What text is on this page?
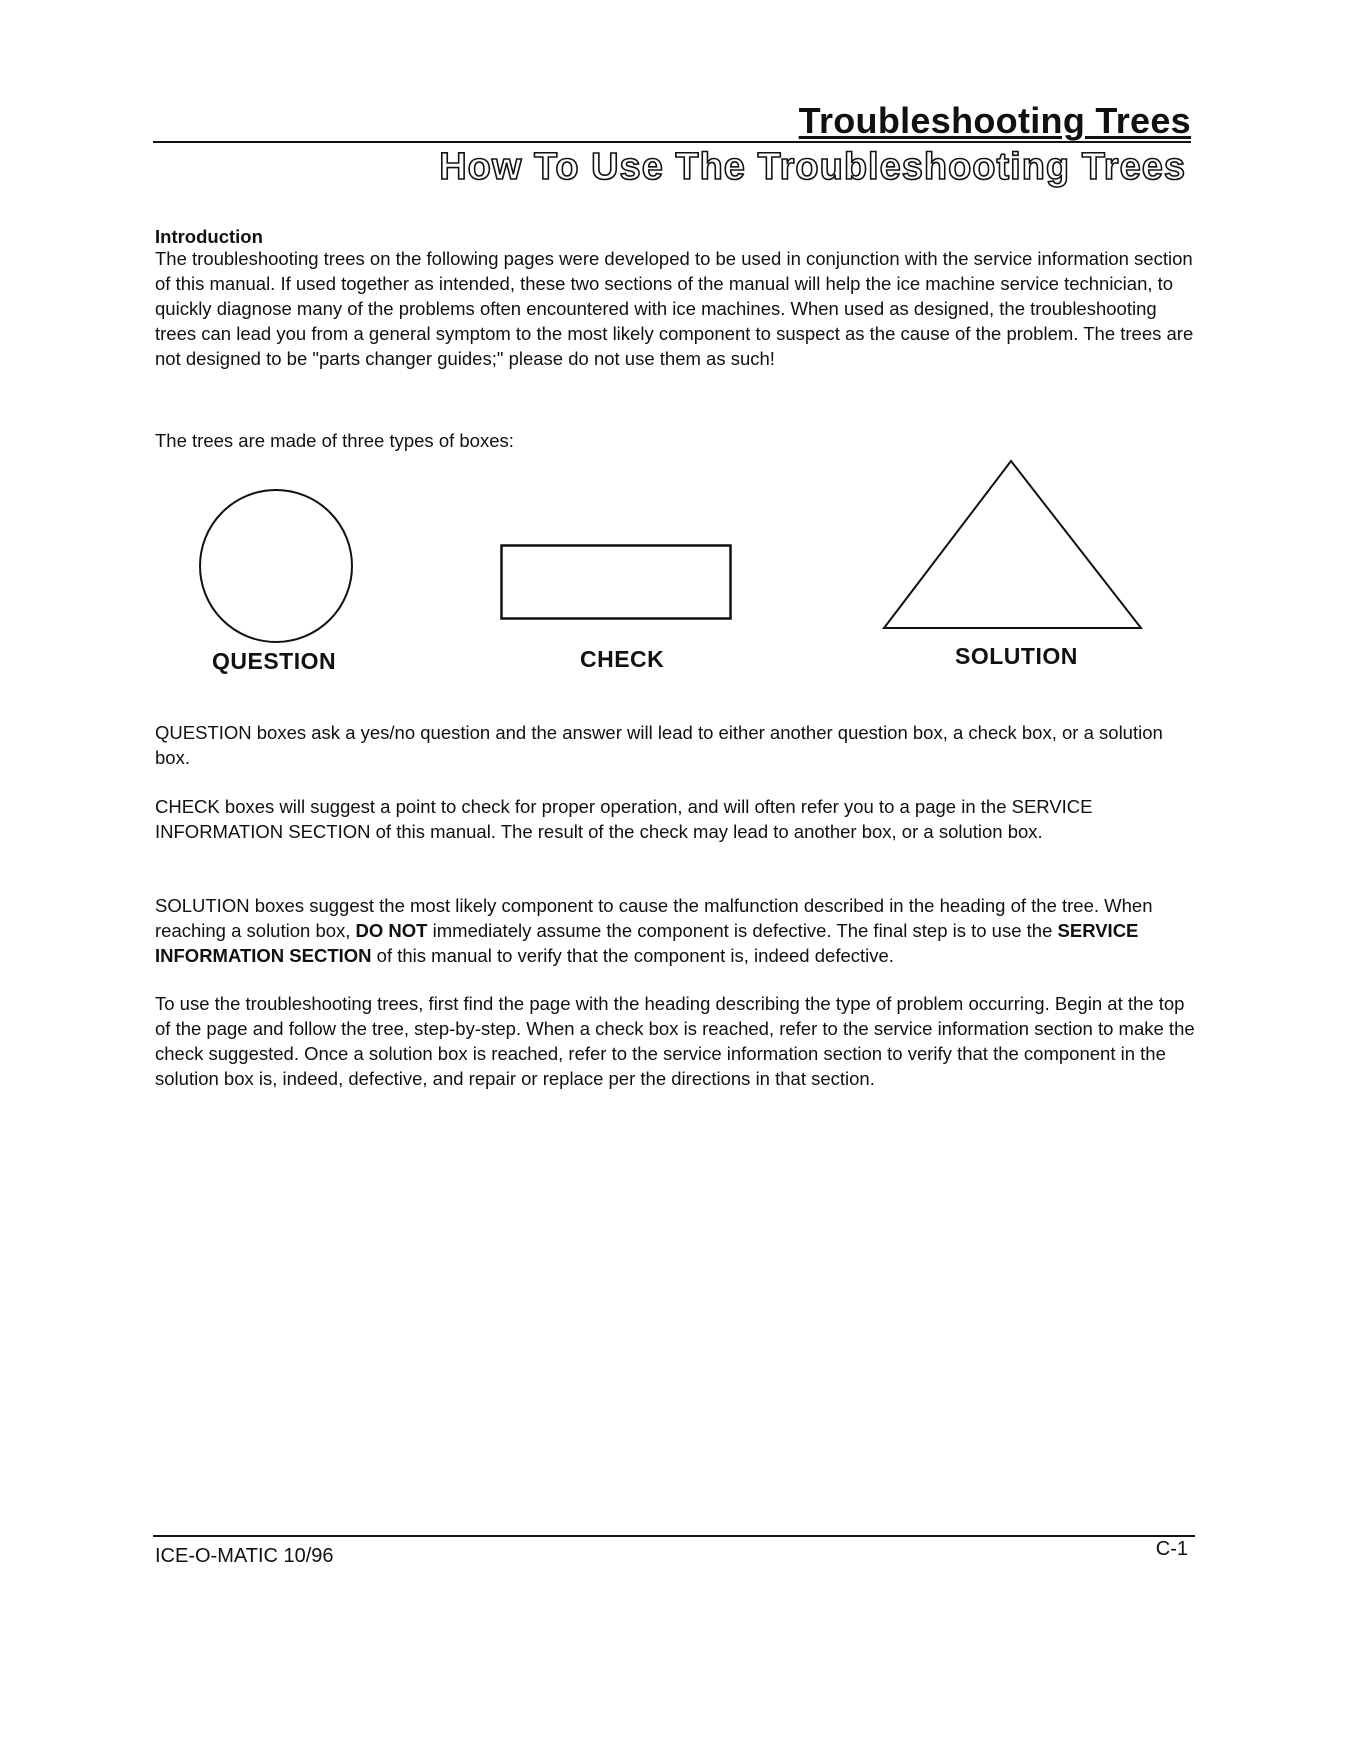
Troubleshooting Trees
How To Use The Troubleshooting Trees
Introduction

The troubleshooting trees on the following pages were developed to be used in conjunction with the service information section of this manual. If used together as intended, these two sections of the manual will help the ice machine service technician, to quickly diagnose many of the problems often encountered with ice machines. When used as designed, the troubleshooting trees can lead you from a general symptom to the most likely component to suspect as the cause of the problem. The trees are not designed to be "parts changer guides;" please do not use them as such!

The trees are made of three types of boxes:

QUESTION	CHECK	SOLUTION

QUESTION boxes ask a yes/no question and the answer will lead to either another question box, a check box, or a solution box.

CHECK boxes will suggest a point to check for proper operation, and will often refer you to a page in the SERVICE INFORMATION SECTION of this manual. The result of the check may lead to another box, or a solution box.

SOLUTION boxes suggest the most likely component to cause the malfunction described in the heading of the tree. When reaching a solution box, DO NOT immediately assume the component is defective. The final step is to use the SERVICE INFORMATION SECTION of this manual to verify that the component is, indeed defective.

To use the troubleshooting trees, first find the page with the heading describing the type of problem occurring. Begin at the top of the page and follow the tree, step-by-step. When a check box is reached, refer to the service information section to make the check suggested. Once a solution box is reached, refer to the service information section to verify that the component in the solution box is, indeed, defective, and repair or replace per the directions in that section.

ICE-O-MATIC 10/96	C-1
